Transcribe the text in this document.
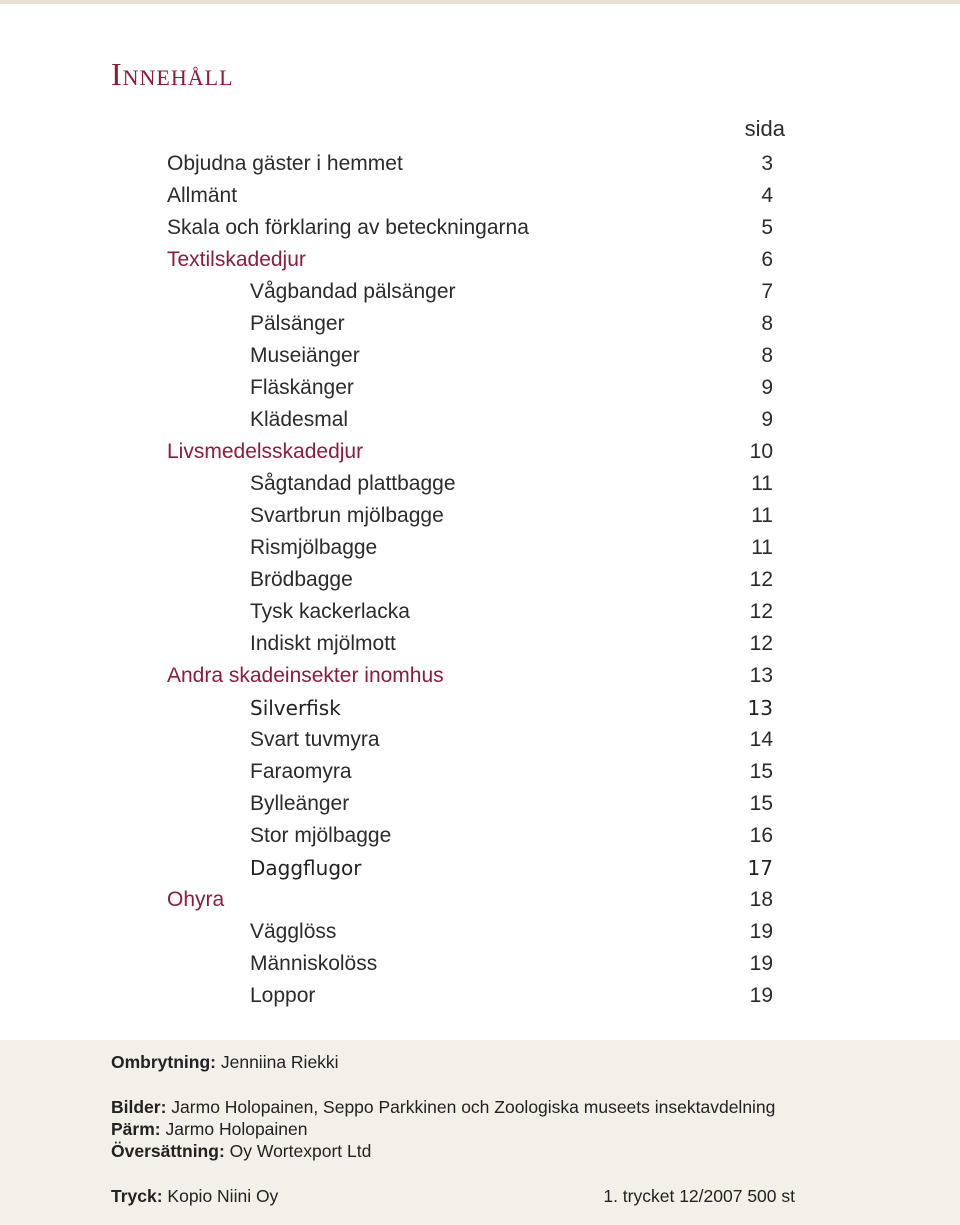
Innehåll
sida
Objudna gäster i hemmet	3
Allmänt	4
Skala och förklaring av beteckningarna	5
Textilskadedjur	6
Vågbandad pälsänger	7
Pälsänger	8
Museiänger	8
Fläskänger	9
Klädesmal	9
Livsmedelsskadedjur	10
Sågtandad plattbagge	11
Svartbrun mjölbagge	11
Rismjölbagge	11
Brödbagge	12
Tysk kackerlacka	12
Indiskt mjölmott	12
Andra skadeinsekter inomhus	13
Silverfisk	13
Svart tuvmyra	14
Faraomyra	15
Bylleänger	15
Stor mjölbagge	16
Daggflugor	17
Ohyra	18
Vägglöss	19
Människolöss	19
Loppor	19
Ombrytning: Jenniina Riekki
Bilder: Jarmo Holopainen, Seppo Parkkinen och Zoologiska museets insektavdelning
Pärm: Jarmo Holopainen
Översättning: Oy Wortexport Ltd
Tryck: Kopio Niini Oy	1. trycket 12/2007 500 st
